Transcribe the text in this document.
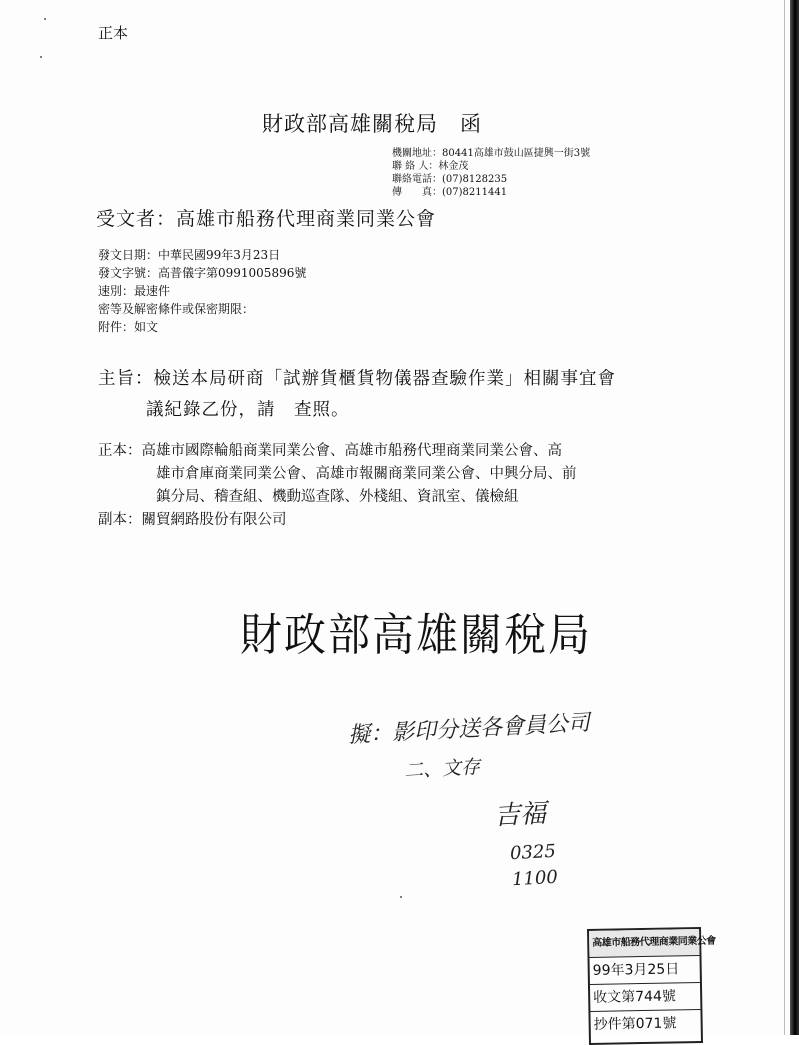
正本
財政部高雄關稅局　函
機關地址：80441高雄市鼓山區捷興一街3號
聯 絡 人：林金茂
聯絡電話：(07)8128235
傳　　真：(07)8211441
受文者：高雄市船務代理商業同業公會
發文日期：中華民國99年3月23日
發文字號：高普儀字第0991005896號
速別：最速件
密等及解密條件或保密期限：
附件：如文
主旨：檢送本局研商「試辦貨櫃貨物儀器查驗作業」相關事宜會
議紀錄乙份，請　查照。
正本：高雄市國際輪船商業同業公會、高雄市船務代理商業同業公會、高
雄市倉庫商業同業公會、高雄市報關商業同業公會、中興分局、前
鎮分局、稽查組、機動巡查隊、外棧組、資訊室、儀檢組
副本：關貿網路股份有限公司
財政部高雄關稅局
擬：影印分送各會員公司
二、文存
吉福
0325
1100
高雄市船務代理商業同業公會
99年3月25日
收文第744號
抄件第071號
